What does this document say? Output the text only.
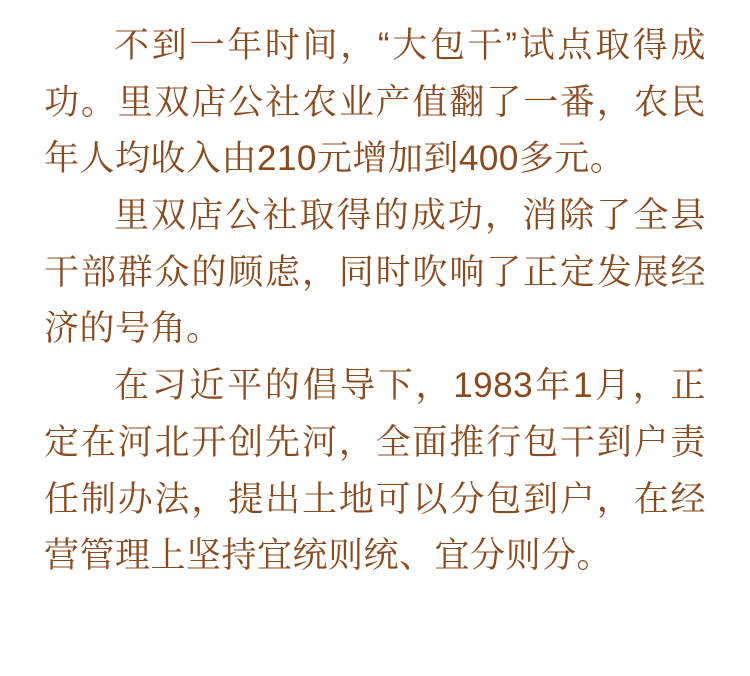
不到一年时间，“大包干”试点取得成功。里双店公社农业产值翻了一番，农民年人均收入由210元增加到400多元。

里双店公社取得的成功，消除了全县干部群众的顾虑，同时吹响了正定发展经济的号角。

在习近平的倡导下，1983年1月，正定在河北开创先河，全面推行包干到户责任制办法，提出土地可以分包到户，在经营管理上坚持宜统则统、宜分则分。
